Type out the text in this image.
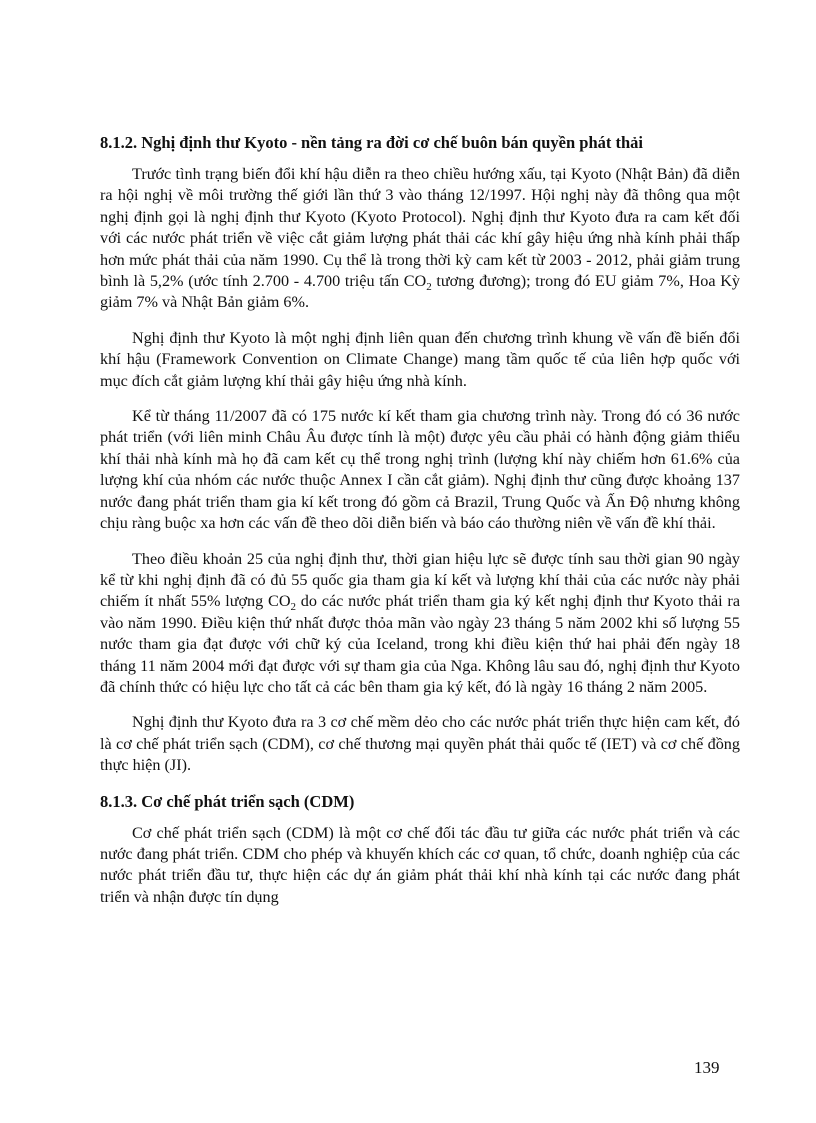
8.1.2. Nghị định thư Kyoto - nền tảng ra đời cơ chế buôn bán quyền phát thải

Trước tình trạng biến đổi khí hậu diễn ra theo chiều hướng xấu, tại Kyoto (Nhật Bản) đã diễn ra hội nghị về môi trường thế giới lần thứ 3 vào tháng 12/1997. Hội nghị này đã thông qua một nghị định gọi là nghị định thư Kyoto (Kyoto Protocol). Nghị định thư Kyoto đưa ra cam kết đối với các nước phát triển về việc cắt giảm lượng phát thải các khí gây hiệu ứng nhà kính phải thấp hơn mức phát thải của năm 1990. Cụ thể là trong thời kỳ cam kết từ 2003 - 2012, phải giảm trung bình là 5,2% (ước tính 2.700 - 4.700 triệu tấn $CO_2$ tương đương); trong đó EU giảm 7%, Hoa Kỳ giảm 7% và Nhật Bản giảm 6%.

Nghị định thư Kyoto là một nghị định liên quan đến chương trình khung về vấn đề biến đổi khí hậu (Framework Convention on Climate Change) mang tầm quốc tế của liên hợp quốc với mục đích cắt giảm lượng khí thải gây hiệu ứng nhà kính.

Kể từ tháng 11/2007 đã có 175 nước kí kết tham gia chương trình này. Trong đó có 36 nước phát triển (với liên minh Châu Âu được tính là một) được yêu cầu phải có hành động giảm thiểu khí thải nhà kính mà họ đã cam kết cụ thể trong nghị trình (lượng khí này chiếm hơn 61.6% của lượng khí của nhóm các nước thuộc Annex I cần cắt giảm). Nghị định thư cũng được khoảng 137 nước đang phát triển tham gia kí kết trong đó gồm cả Brazil, Trung Quốc và Ấn Độ nhưng không chịu ràng buộc xa hơn các vấn đề theo dõi diễn biến và báo cáo thường niên về vấn đề khí thải.

Theo điều khoản 25 của nghị định thư, thời gian hiệu lực sẽ được tính sau thời gian 90 ngày kể từ khi nghị định đã có đủ 55 quốc gia tham gia kí kết và lượng khí thải của các nước này phải chiếm ít nhất 55% lượng $CO_2$ do các nước phát triển tham gia ký kết nghị định thư Kyoto thải ra vào năm 1990. Điều kiện thứ nhất được thỏa mãn vào ngày 23 tháng 5 năm 2002 khi số lượng 55 nước tham gia đạt được với chữ ký của Iceland, trong khi điều kiện thứ hai phải đến ngày 18 tháng 11 năm 2004 mới đạt được với sự tham gia của Nga. Không lâu sau đó, nghị định thư Kyoto đã chính thức có hiệu lực cho tất cả các bên tham gia ký kết, đó là ngày 16 tháng 2 năm 2005.

Nghị định thư Kyoto đưa ra 3 cơ chế mềm dẻo cho các nước phát triển thực hiện cam kết, đó là cơ chế phát triển sạch (CDM), cơ chế thương mại quyền phát thải quốc tế (IET) và cơ chế đồng thực hiện (JI).

8.1.3. Cơ chế phát triển sạch (CDM)

Cơ chế phát triển sạch (CDM) là một cơ chế đối tác đầu tư giữa các nước phát triển và các nước đang phát triển. CDM cho phép và khuyến khích các cơ quan, tổ chức, doanh nghiệp của các nước phát triển đầu tư, thực hiện các dự án giảm phát thải khí nhà kính tại các nước đang phát triển và nhận được tín dụng

139
